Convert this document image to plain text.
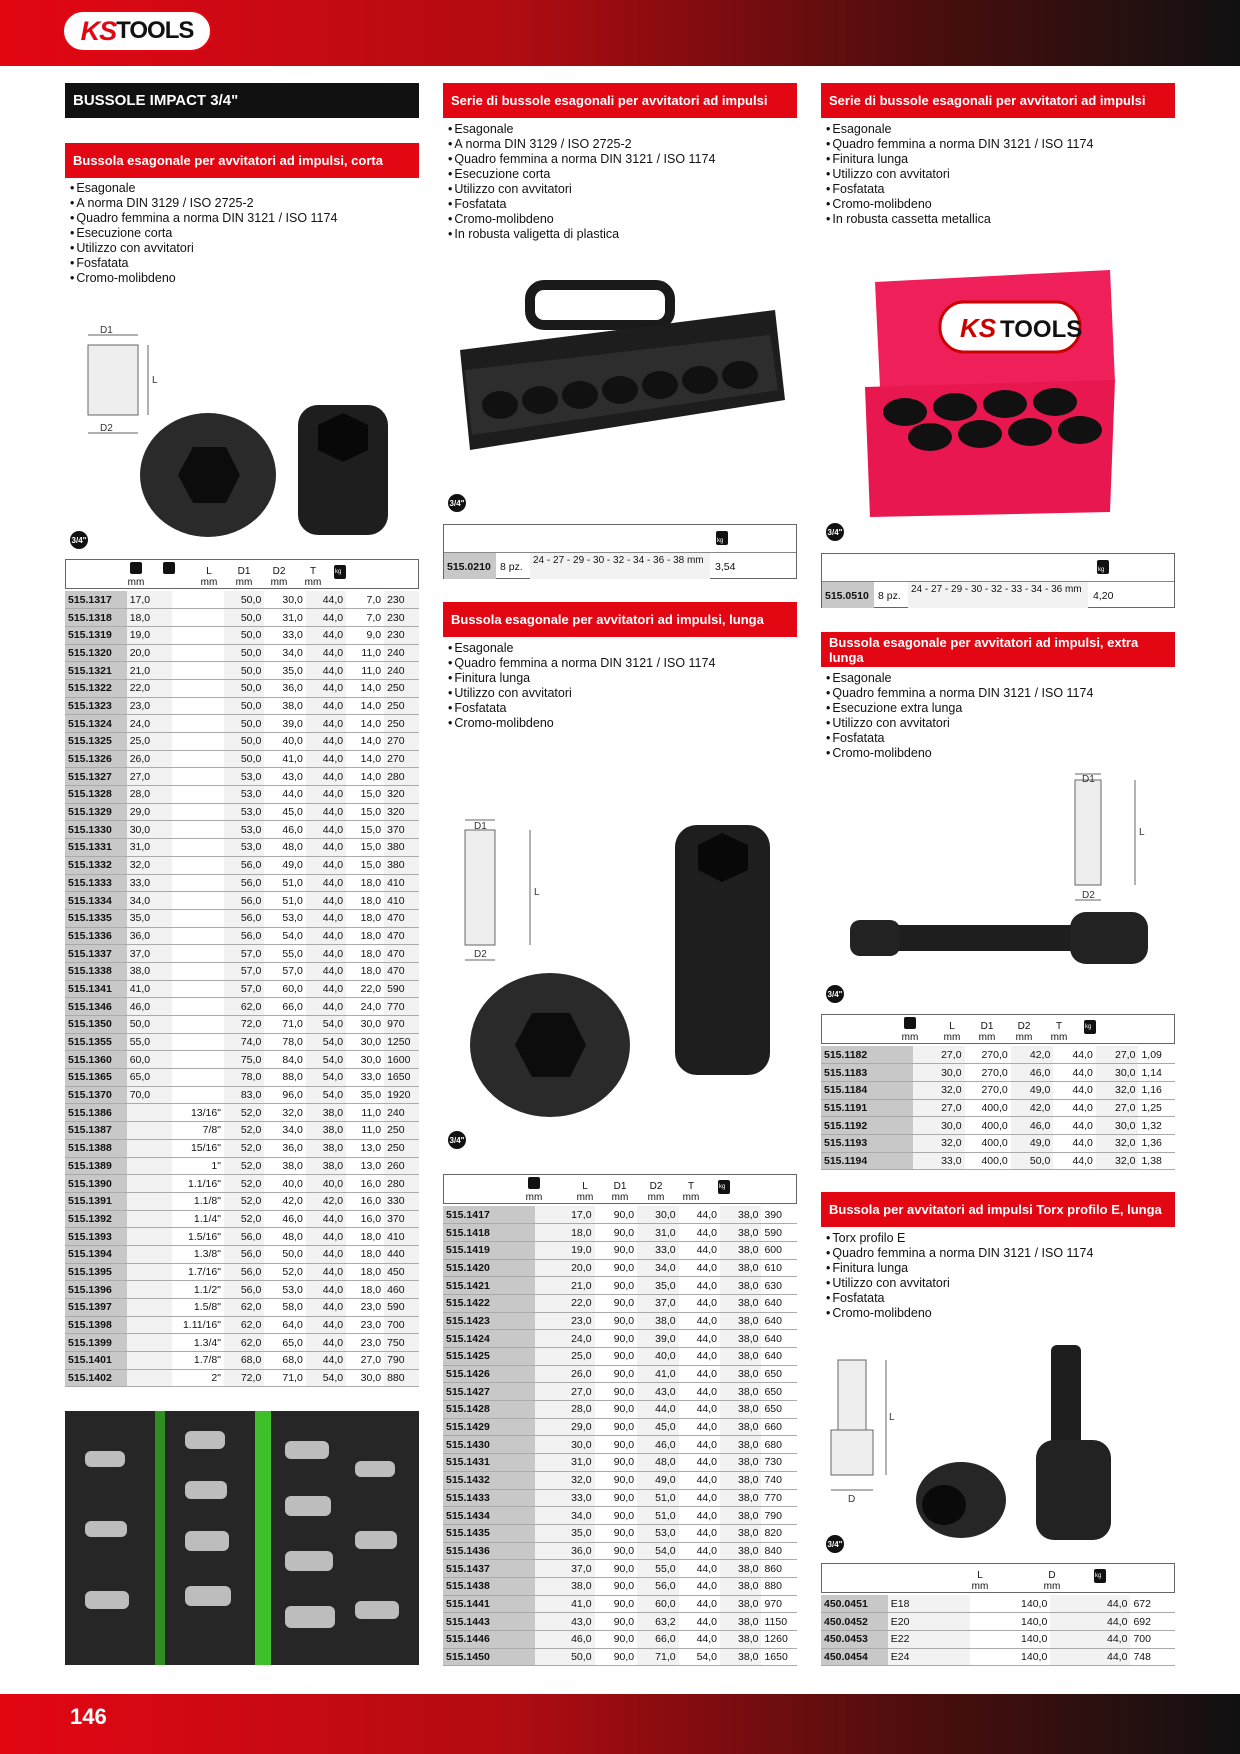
KS TOOLS
BUSSOLE IMPACT 3/4"
Bussola esagonale per avvitatori ad impulsi, corta
• Esagonale
• A norma DIN 3129 / ISO 2725-2
• Quadro femmina a norma DIN 3121 / ISO 1174
• Esecuzione corta
• Utilizzo con avvitatori
• Fosfatata
• Cromo-molibdeno
D1
D2
L
3/4"

mm
L
mm
D1
mm
D2
mm
T
mm
kg
515.1317	17,0		50,0	30,0	44,0	7,0	230
515.1318	18,0		50,0	31,0	44,0	7,0	230
515.1319	19,0		50,0	33,0	44,0	9,0	230
515.1320	20,0		50,0	34,0	44,0	11,0	240
515.1321	21,0		50,0	35,0	44,0	11,0	240
515.1322	22,0		50,0	36,0	44,0	14,0	250
515.1323	23,0		50,0	38,0	44,0	14,0	250
515.1324	24,0		50,0	39,0	44,0	14,0	250
515.1325	25,0		50,0	40,0	44,0	14,0	270
515.1326	26,0		50,0	41,0	44,0	14,0	270
515.1327	27,0		53,0	43,0	44,0	14,0	280
515.1328	28,0		53,0	44,0	44,0	15,0	320
515.1329	29,0		53,0	45,0	44,0	15,0	320
515.1330	30,0		53,0	46,0	44,0	15,0	370
515.1331	31,0		53,0	48,0	44,0	15,0	380
515.1332	32,0		56,0	49,0	44,0	15,0	380
515.1333	33,0		56,0	51,0	44,0	18,0	410
515.1334	34,0		56,0	51,0	44,0	18,0	410
515.1335	35,0		56,0	53,0	44,0	18,0	470
515.1336	36,0		56,0	54,0	44,0	18,0	470
515.1337	37,0		57,0	55,0	44,0	18,0	470
515.1338	38,0		57,0	57,0	44,0	18,0	470
515.1341	41,0		57,0	60,0	44,0	22,0	590
515.1346	46,0		62,0	66,0	44,0	24,0	770
515.1350	50,0		72,0	71,0	54,0	30,0	970
515.1355	55,0		74,0	78,0	54,0	30,0	1250
515.1360	60,0		75,0	84,0	54,0	30,0	1600
515.1365	65,0		78,0	88,0	54,0	33,0	1650
515.1370	70,0		83,0	96,0	54,0	35,0	1920
515.1386		13/16"	52,0	32,0	38,0	11,0	240
515.1387		7/8"	52,0	34,0	38,0	11,0	250
515.1388		15/16"	52,0	36,0	38,0	13,0	250
515.1389		1"	52,0	38,0	38,0	13,0	260
515.1390		1.1/16"	52,0	40,0	40,0	16,0	280
515.1391		1.1/8"	52,0	42,0	42,0	16,0	330
515.1392		1.1/4"	52,0	46,0	44,0	16,0	370
515.1393		1.5/16"	56,0	48,0	44,0	18,0	410
515.1394		1.3/8"	56,0	50,0	44,0	18,0	440
515.1395		1.7/16"	56,0	52,0	44,0	18,0	450
515.1396		1.1/2"	56,0	53,0	44,0	18,0	460
515.1397		1.5/8"	62,0	58,0	44,0	23,0	590
515.1398		1.11/16"	62,0	64,0	44,0	23,0	700
515.1399		1.3/4"	62,0	65,0	44,0	23,0	750
515.1401		1.7/8"	68,0	68,0	44,0	27,0	790
515.1402		2"	72,0	71,0	54,0	30,0	880
Serie di bussole esagonali per avvitatori ad impulsi
• Esagonale
• A norma DIN 3129 / ISO 2725-2
• Quadro femmina a norma DIN 3121 / ISO 1174
• Esecuzione corta
• Utilizzo con avvitatori
• Fosfatata
• Cromo-molibdeno
• In robusta valigetta di plastica
3/4"
kg
515.0210 8 pz.
24 - 27 - 29 - 30 - 32 - 34 - 36 - 38 mm
3,54
Bussola esagonale per avvitatori ad impulsi, lunga
• Esagonale
• Quadro femmina a norma DIN 3121 / ISO 1174
• Finitura lunga
• Utilizzo con avvitatori
• Fosfatata
• Cromo-molibdeno
D1
D2
L
3/4"

mm
L
mm
D1
mm
D2
mm
T
mm
kg
515.1417	17,0	90,0	30,0	44,0	38,0	390
515.1418	18,0	90,0	31,0	44,0	38,0	590
515.1419	19,0	90,0	33,0	44,0	38,0	600
515.1420	20,0	90,0	34,0	44,0	38,0	610
515.1421	21,0	90,0	35,0	44,0	38,0	630
515.1422	22,0	90,0	37,0	44,0	38,0	640
515.1423	23,0	90,0	38,0	44,0	38,0	640
515.1424	24,0	90,0	39,0	44,0	38,0	640
515.1425	25,0	90,0	40,0	44,0	38,0	640
515.1426	26,0	90,0	41,0	44,0	38,0	650
515.1427	27,0	90,0	43,0	44,0	38,0	650
515.1428	28,0	90,0	44,0	44,0	38,0	650
515.1429	29,0	90,0	45,0	44,0	38,0	660
515.1430	30,0	90,0	46,0	44,0	38,0	680
515.1431	31,0	90,0	48,0	44,0	38,0	730
515.1432	32,0	90,0	49,0	44,0	38,0	740
515.1433	33,0	90,0	51,0	44,0	38,0	770
515.1434	34,0	90,0	51,0	44,0	38,0	790
515.1435	35,0	90,0	53,0	44,0	38,0	820
515.1436	36,0	90,0	54,0	44,0	38,0	840
515.1437	37,0	90,0	55,0	44,0	38,0	860
515.1438	38,0	90,0	56,0	44,0	38,0	880
515.1441	41,0	90,0	60,0	44,0	38,0	970
515.1443	43,0	90,0	63,2	44,0	38,0	1150
515.1446	46,0	90,0	66,0	44,0	38,0	1260
515.1450	50,0	90,0	71,0	54,0	38,0	1650
Serie di bussole esagonali per avvitatori ad impulsi
• Esagonale
• Quadro femmina a norma DIN 3121 / ISO 1174
• Finitura lunga
• Utilizzo con avvitatori
• Fosfatata
• Cromo-molibdeno
• In robusta cassetta metallica
KS TOOLS
3/4"
kg
515.0510 8 pz.
24 - 27 - 29 - 30 - 32 - 33 - 34 - 36 mm
4,20
Bussola esagonale per avvitatori ad impulsi, extra lunga
• Esagonale
• Quadro femmina a norma DIN 3121 / ISO 1174
• Esecuzione extra lunga
• Utilizzo con avvitatori
• Fosfatata
• Cromo-molibdeno
D1
D2
L
3/4"

mm
L
mm
D1
mm
D2
mm
T
mm
kg
515.1182	27,0	270,0	42,0	44,0	27,0	1,09
515.1183	30,0	270,0	46,0	44,0	30,0	1,14
515.1184	32,0	270,0	49,0	44,0	32,0	1,16
515.1191	27,0	400,0	42,0	44,0	27,0	1,25
515.1192	30,0	400,0	46,0	44,0	30,0	1,32
515.1193	32,0	400,0	49,0	44,0	32,0	1,36
515.1194	33,0	400,0	50,0	44,0	32,0	1,38
Bussola per avvitatori ad impulsi Torx profilo E, lunga
• Torx profilo E
• Quadro femmina a norma DIN 3121 / ISO 1174
• Finitura lunga
• Utilizzo con avvitatori
• Fosfatata
• Cromo-molibdeno
L
D
3/4"
L
mm
D
mm
kg
450.0451	E18	140,0	44,0	672
450.0452	E20	140,0	44,0	692
450.0453	E22	140,0	44,0	700
450.0454	E24	140,0	44,0	748
146
